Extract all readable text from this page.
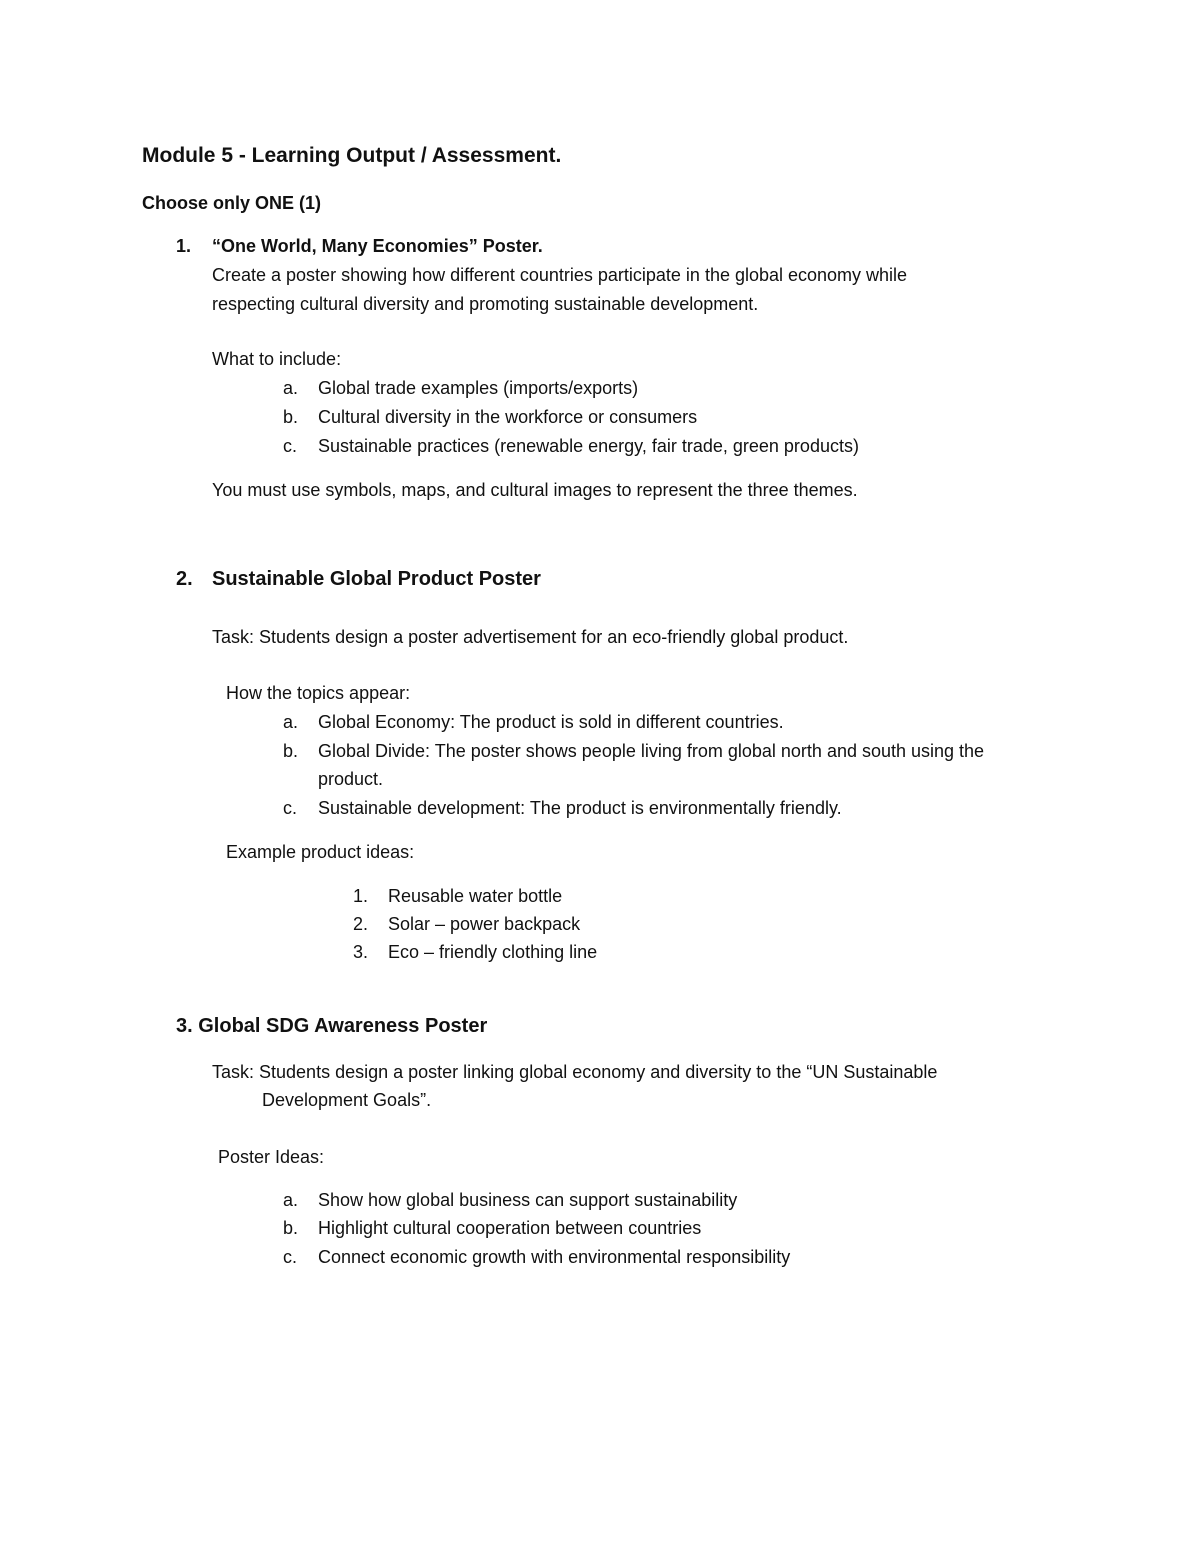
Module 5 - Learning Output / Assessment.
Choose only ONE (1)
1. “One World, Many Economies” Poster.
Create a poster showing how different countries participate in the global economy while
respecting cultural diversity and promoting sustainable development.
What to include:
a. Global trade examples (imports/exports)
b. Cultural diversity in the workforce or consumers
c. Sustainable practices (renewable energy, fair trade, green products)
You must use symbols, maps, and cultural images to represent the three themes.
2. Sustainable Global Product Poster
Task: Students design a poster advertisement for an eco-friendly global product.
How the topics appear:
a. Global Economy: The product is sold in different countries.
b. Global Divide: The poster shows people living from global north and south using the
product.
c. Sustainable development: The product is environmentally friendly.
Example product ideas:
1. Reusable water bottle
2. Solar – power backpack
3. Eco – friendly clothing line
3. Global SDG Awareness Poster
Task: Students design a poster linking global economy and diversity to the “UN Sustainable
Development Goals”.
Poster Ideas:
a. Show how global business can support sustainability
b. Highlight cultural cooperation between countries
c. Connect economic growth with environmental responsibility
